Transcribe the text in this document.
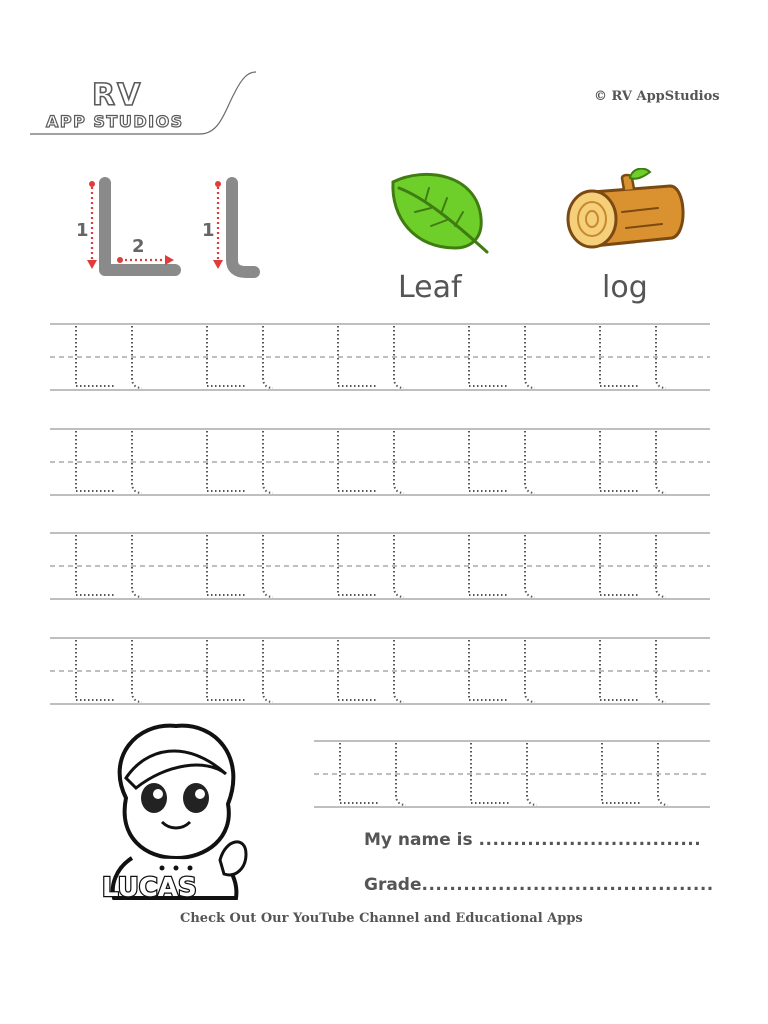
RV
APP STUDIOS
© RV AppStudios
1
2
1
Leaf	log
LUCAS
My name is ................................
Grade..........................................
Check Out Our YouTube Channel and Educational Apps
